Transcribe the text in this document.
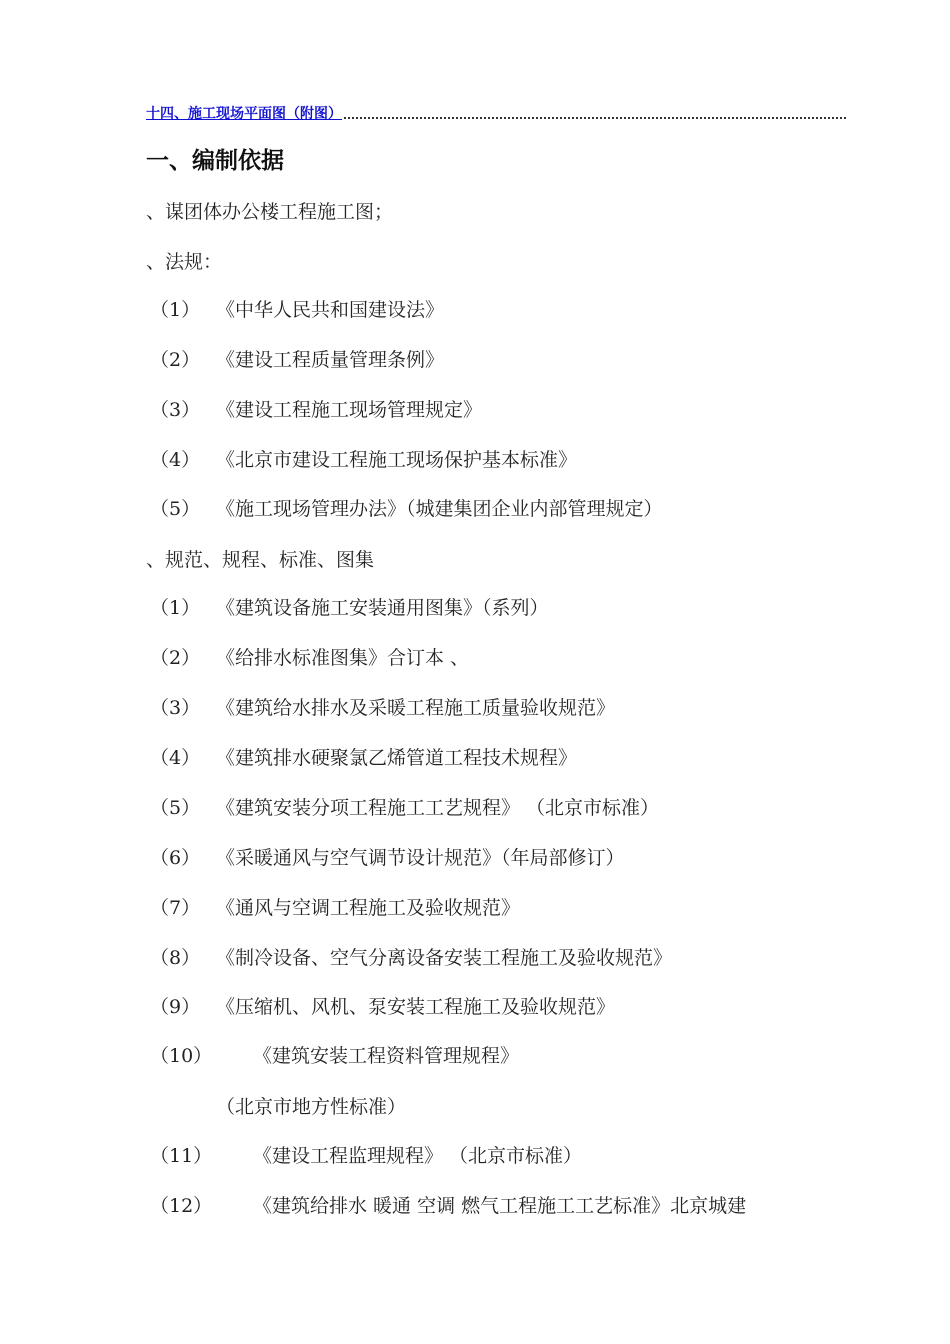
十四、施工现场平面图（附图）
一、编制依据
、谋团体办公楼工程施工图；
、法规：
（1） 《中华人民共和国建设法》
（2） 《建设工程质量管理条例》
（3） 《建设工程施工现场管理规定》
（4） 《北京市建设工程施工现场保护基本标准》
（5） 《施工现场管理办法》（城建集团企业内部管理规定）
、规范、规程、标准、图集
（1） 《建筑设备施工安装通用图集》（系列）
（2） 《给排水标准图集》合订本 、
（3） 《建筑给水排水及采暖工程施工质量验收规范》
（4） 《建筑排水硬聚氯乙烯管道工程技术规程》
（5） 《建筑安装分项工程施工工艺规程》 （北京市标准）
（6） 《采暖通风与空气调节设计规范》（年局部修订）
（7） 《通风与空调工程施工及验收规范》
（8） 《制冷设备、空气分离设备安装工程施工及验收规范》
（9） 《压缩机、风机、泵安装工程施工及验收规范》
（10） 《建筑安装工程资料管理规程》
（北京市地方性标准）
（11） 《建设工程监理规程》 （北京市标准）
（12） 《建筑给排水 暖通 空调 燃气工程施工工艺标准》北京城建
